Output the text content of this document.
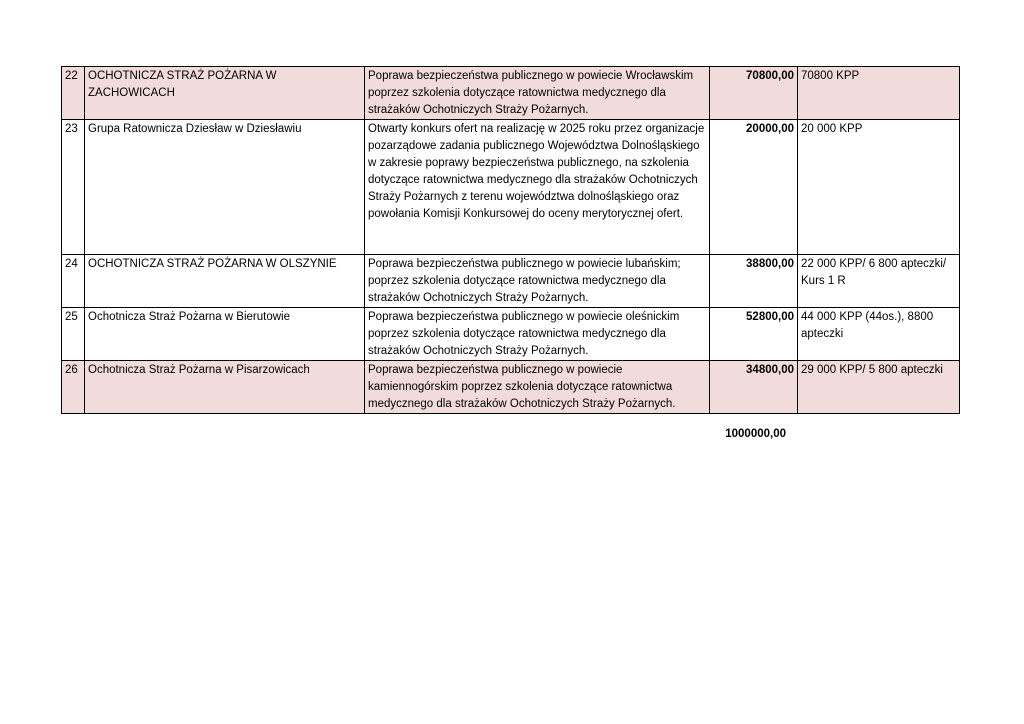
22	OCHOTNICZA STRAŻ POŻARNA W ZACHOWICACH	Poprawa bezpieczeństwa publicznego w powiecie Wrocławskim poprzez szkolenia dotyczące ratownictwa medycznego dla strażaków Ochotniczych Straży Pożarnych.	70800,00	70800 KPP
23	Grupa Ratownicza Dziesław w Dziesławiu	Otwarty konkurs ofert na realizację w 2025 roku przez organizacje pozarządowe zadania publicznego Województwa Dolnośląskiego w zakresie poprawy bezpieczeństwa publicznego, na szkolenia dotyczące ratownictwa medycznego dla strażaków Ochotniczych Straży Pożarnych z terenu województwa dolnośląskiego oraz powołania Komisji Konkursowej do oceny merytorycznej ofert.	20000,00	20 000 KPP
24	OCHOTNICZA STRAŻ POŻARNA W OLSZYNIE	Poprawa bezpieczeństwa publicznego w powiecie lubańskim; poprzez szkolenia dotyczące ratownictwa medycznego dla strażaków Ochotniczych Straży Pożarnych.	38800,00	22 000 KPP/ 6 800 apteczki/ Kurs 1 R
25	Ochotnicza Straż Pożarna w Bierutowie	Poprawa bezpieczeństwa publicznego w powiecie oleśnickim poprzez szkolenia dotyczące ratownictwa medycznego dla strażaków Ochotniczych Straży Pożarnych.	52800,00	44 000 KPP (44os.), 8800 apteczki
26	Ochotnicza Straż Pożarna w Pisarzowicach	Poprawa bezpieczeństwa publicznego w powiecie kamiennogórskim poprzez szkolenia dotyczące ratownictwa medycznego dla strażaków Ochotniczych Straży Pożarnych.	34800,00	29 000 KPP/ 5 800 apteczki
1000000,00
